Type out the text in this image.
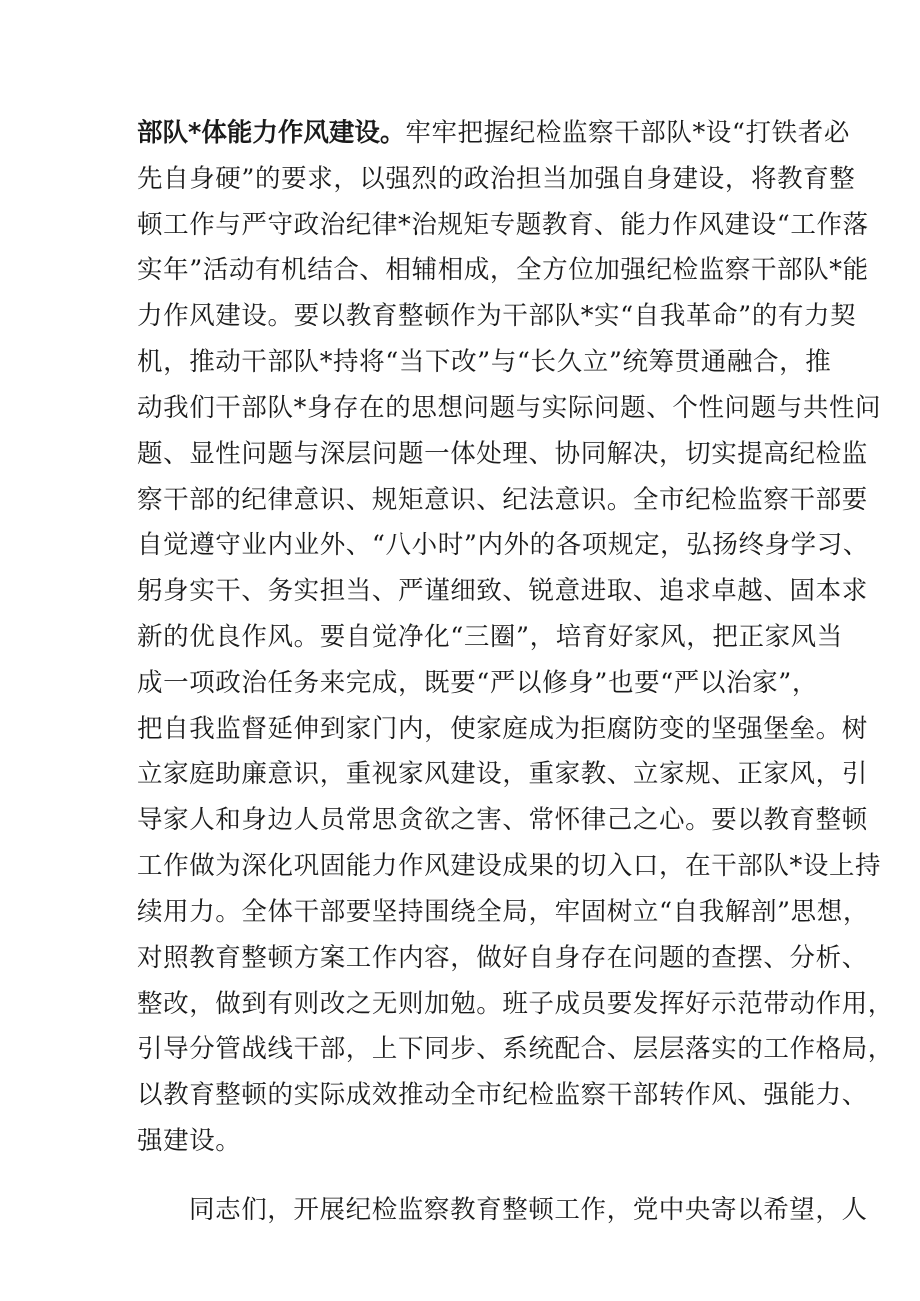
部队*体能力作风建设。牢牢把握纪检监察干部队*设“打铁者必
先自身硬”的要求，以强烈的政治担当加强自身建设，将教育整
顿工作与严守政治纪律*治规矩专题教育、能力作风建设“工作落
实年”活动有机结合、相辅相成，全方位加强纪检监察干部队*能
力作风建设。要以教育整顿作为干部队*实“自我革命”的有力契
机，推动干部队*持将“当下改”与“长久立”统筹贯通融合，推
动我们干部队*身存在的思想问题与实际问题、个性问题与共性问
题、显性问题与深层问题一体处理、协同解决，切实提高纪检监
察干部的纪律意识、规矩意识、纪法意识。全市纪检监察干部要
自觉遵守业内业外、“八小时”内外的各项规定，弘扬终身学习、
躬身实干、务实担当、严谨细致、锐意进取、追求卓越、固本求
新的优良作风。要自觉净化“三圈”，培育好家风，把正家风当
成一项政治任务来完成，既要“严以修身”也要“严以治家”，
把自我监督延伸到家门内，使家庭成为拒腐防变的坚强堡垒。树
立家庭助廉意识，重视家风建设，重家教、立家规、正家风，引
导家人和身边人员常思贪欲之害、常怀律己之心。要以教育整顿
工作做为深化巩固能力作风建设成果的切入口，在干部队*设上持
续用力。全体干部要坚持围绕全局，牢固树立“自我解剖”思想，
对照教育整顿方案工作内容，做好自身存在问题的查摆、分析、
整改，做到有则改之无则加勉。班子成员要发挥好示范带动作用，
引导分管战线干部，上下同步、系统配合、层层落实的工作格局，
以教育整顿的实际成效推动全市纪检监察干部转作风、强能力、
强建设。
同志们，开展纪检监察教育整顿工作，党中央寄以希望，人
